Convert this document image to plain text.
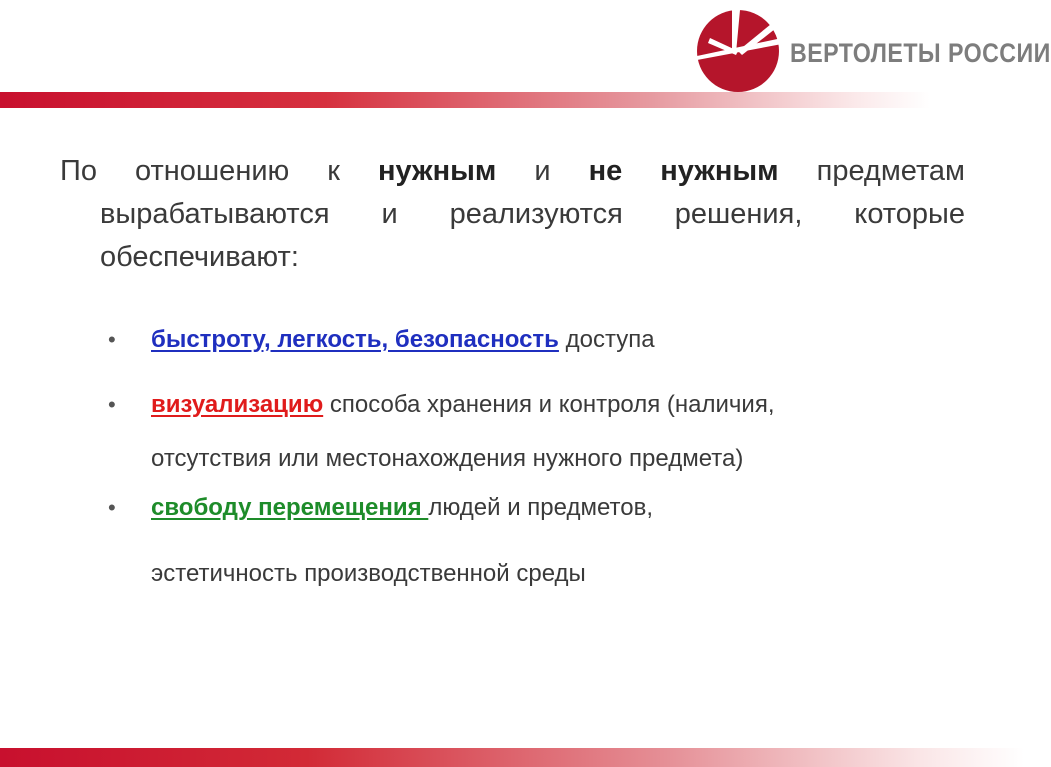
ВЕРТОЛЕТЫ РОССИИ
По отношению к нужным и не нужным предметам
вырабатываются и реализуются решения, которые
обеспечивают:
• быстроту, легкость, безопасность доступа
• визуализацию способа хранения и контроля (наличия,
отсутствия или местонахождения нужного предмета)
• свободу перемещения людей и предметов,
эстетичность производственной среды
